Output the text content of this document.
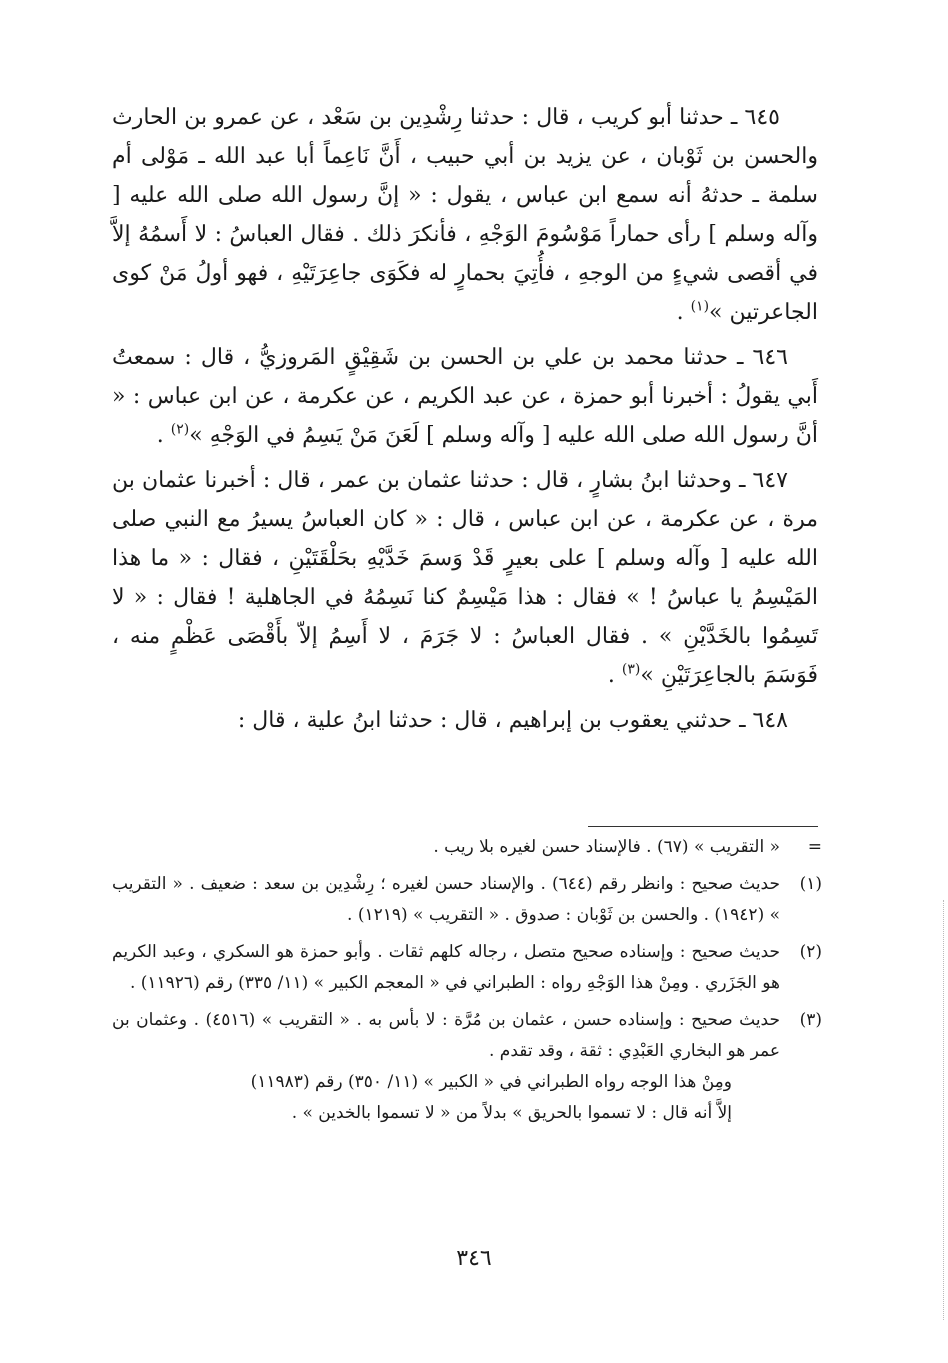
٦٤٥ ـ حدثنا أبو كريب ، قال : حدثنا رِشْدِين بن سَعْد ، عن عمرو بن الحارث والحسن بن ثَوْبان ، عن يزيد بن أبي حبيب ، أَنَّ نَاعِماً أبا عبد الله ـ مَوْلى أم سلمة ـ حدثهُ أنه سمع ابن عباس ، يقول : « إنَّ رسول الله صلى الله عليه [ وآله وسلم ] رأى حماراً مَوْسُومَ الوَجْهِ ، فأنكرَ ذلك . فقال العباسُ : لا أَسمُهُ إلاَّ في أقصى شيءٍ من الوجهِ ، فأُتِيَ بحمارٍ له فكَوَى جاعِرَتَيْهِ ، فهو أولُ مَنْ كوى الجاعرتين »$^{(١)}$ .

٦٤٦ ـ حدثنا محمد بن علي بن الحسن بن شَقِيْقٍ المَروزيُّ ، قال : سمعتُ أَبي يقولُ : أخبرنا أبو حمزة ، عن عبد الكريم ، عن عكرمة ، عن ابن عباس : « أنَّ رسول الله صلى الله عليه [ وآله وسلم ] لَعَنَ مَنْ يَسِمُ في الوَجْهِ »$^{(٢)}$ .

٦٤٧ ـ وحدثنا ابنُ بشارٍ ، قال : حدثنا عثمان بن عمر ، قال : أخبرنا عثمان بن مرة ، عن عكرمة ، عن ابن عباس ، قال : « كان العباسُ يسيرُ مع النبي صلى الله عليه [ وآله وسلم ] على بعيرٍ قَدْ وَسمَ خَدَّيْهِ بحَلْقَتَيْنِ ، فقال : « ما هذا المَيْسِمُ يا عباسُ ! » فقال : هذا مَيْسِمٌ كنا نَسِمُهُ في الجاهلية ! فقال : « لا تَسِمُوا بالخَدَّيْنِ » . فقال العباسُ : لا جَرَمَ ، لا أَسِمُ إلاّ بأَقْصَى عَظْمٍ منه ، فَوَسَمَ بالجاعِرَتَيْنِ »$^{(٣)}$ .

٦٤٨ ـ حدثني يعقوب بن إبراهيم ، قال : حدثنا ابنُ علية ، قال :

=
« التقريب » (٦٧) . فالإسناد حسن لغيره بلا ريب .
(١)
حديث صحيح : وانظر رقم (٦٤٤) . والإسناد حسن لغيره ؛ رِشْدِين بن سعد : ضعيف . « التقريب » (١٩٤٢) . والحسن بن ثَوْبان : صدوق . « التقريب » (١٢١٩) .
(٢)
حديث صحيح : وإسناده صحيح متصل ، رجاله كلهم ثقات . وأبو حمزة هو السكري ، وعبد الكريم هو الجَزَري . ومِنْ هذا الوَجْهِ رواه : الطبراني في « المعجم الكبير » (١١/ ٣٣٥) رقم (١١٩٢٦) .
(٣)
حديث صحيح : وإسناده حسن ، عثمان بن مُرَّة : لا بأس به . « التقريب » (٤٥١٦) . وعثمان بن عمر هو البخاري العَبْدِي : ثقة ، وقد تقدم .
ومِنْ هذا الوجه رواه الطبراني في « الكبير » (١١/ ٣٥٠) رقم (١١٩٨٣)
إلاَّ أنه قال : لا تسموا بالحريق » بدلاً من « لا تسموا بالخدين » .
٣٤٦
